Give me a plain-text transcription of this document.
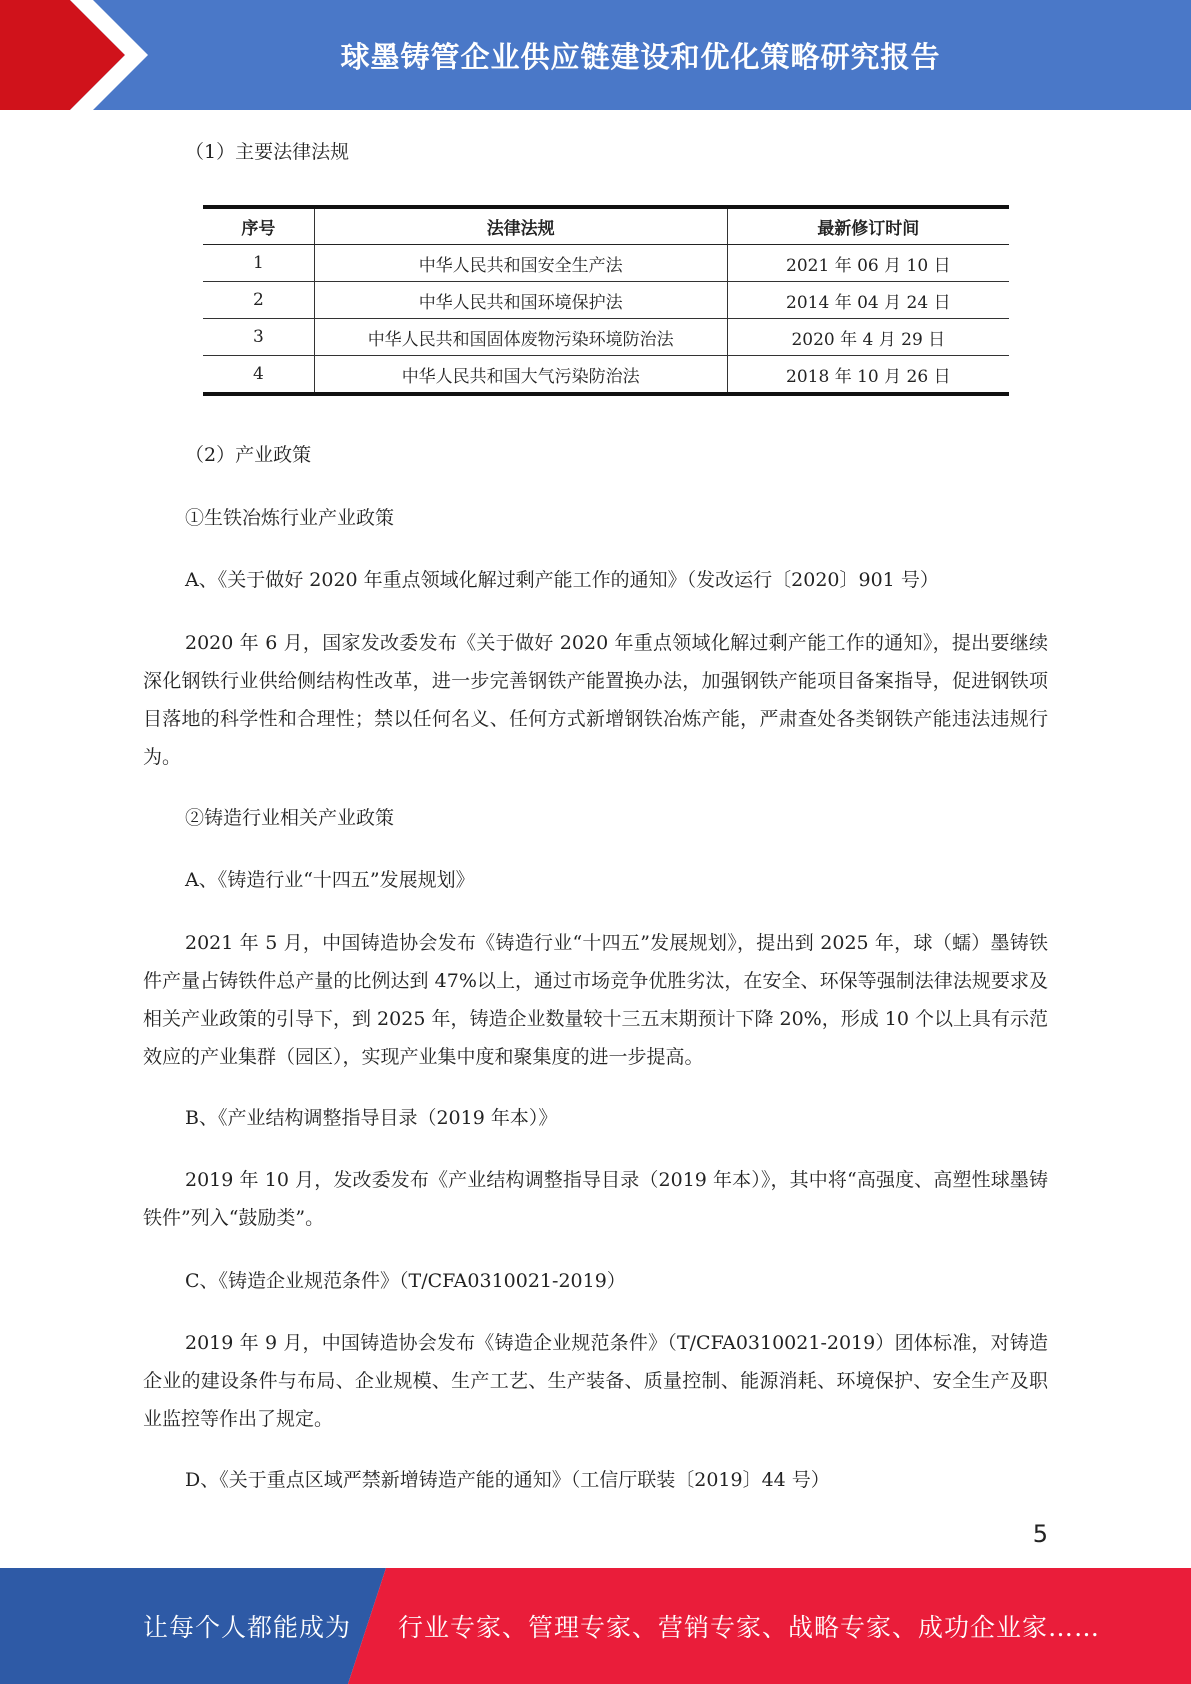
球墨铸管企业供应链建设和优化策略研究报告
（1）主要法律法规
序号	法律法规	最新修订时间
1	中华人民共和国安全生产法	2021 年 06 月 10 日
2	中华人民共和国环境保护法	2014 年 04 月 24 日
3	中华人民共和国固体废物污染环境防治法	2020 年 4 月 29 日
4	中华人民共和国大气污染防治法	2018 年 10 月 26 日
（2）产业政策
①生铁冶炼行业产业政策
A、《关于做好 2020 年重点领域化解过剩产能工作的通知》（发改运行〔2020〕901 号）
2020 年 6 月，国家发改委发布《关于做好 2020 年重点领域化解过剩产能工作的通知》，提出要继续深化钢铁行业供给侧结构性改革，进一步完善钢铁产能置换办法，加强钢铁产能项目备案指导，促进钢铁项目落地的科学性和合理性；禁以任何名义、任何方式新增钢铁冶炼产能，严肃查处各类钢铁产能违法违规行为。
②铸造行业相关产业政策
A、《铸造行业“十四五”发展规划》
2021 年 5 月，中国铸造协会发布《铸造行业“十四五”发展规划》，提出到 2025 年，球（蠕）墨铸铁件产量占铸铁件总产量的比例达到 47%以上，通过市场竞争优胜劣汰，在安全、环保等强制法律法规要求及相关产业政策的引导下，到 2025 年，铸造企业数量较十三五末期预计下降 20%，形成 10 个以上具有示范效应的产业集群（园区），实现产业集中度和聚集度的进一步提高。
B、《产业结构调整指导目录（2019 年本）》
2019 年 10 月，发改委发布《产业结构调整指导目录（2019 年本）》，其中将“高强度、高塑性球墨铸铁件”列入“鼓励类”。
C、《铸造企业规范条件》（T/CFA0310021-2019）
2019 年 9 月，中国铸造协会发布《铸造企业规范条件》（T/CFA0310021-2019）团体标准，对铸造企业的建设条件与布局、企业规模、生产工艺、生产装备、质量控制、能源消耗、环境保护、安全生产及职业监控等作出了规定。
D、《关于重点区域严禁新增铸造产能的通知》（工信厅联装〔2019〕44 号）
5
让每个人都能成为 行业专家、管理专家、营销专家、战略专家、成功企业家……
